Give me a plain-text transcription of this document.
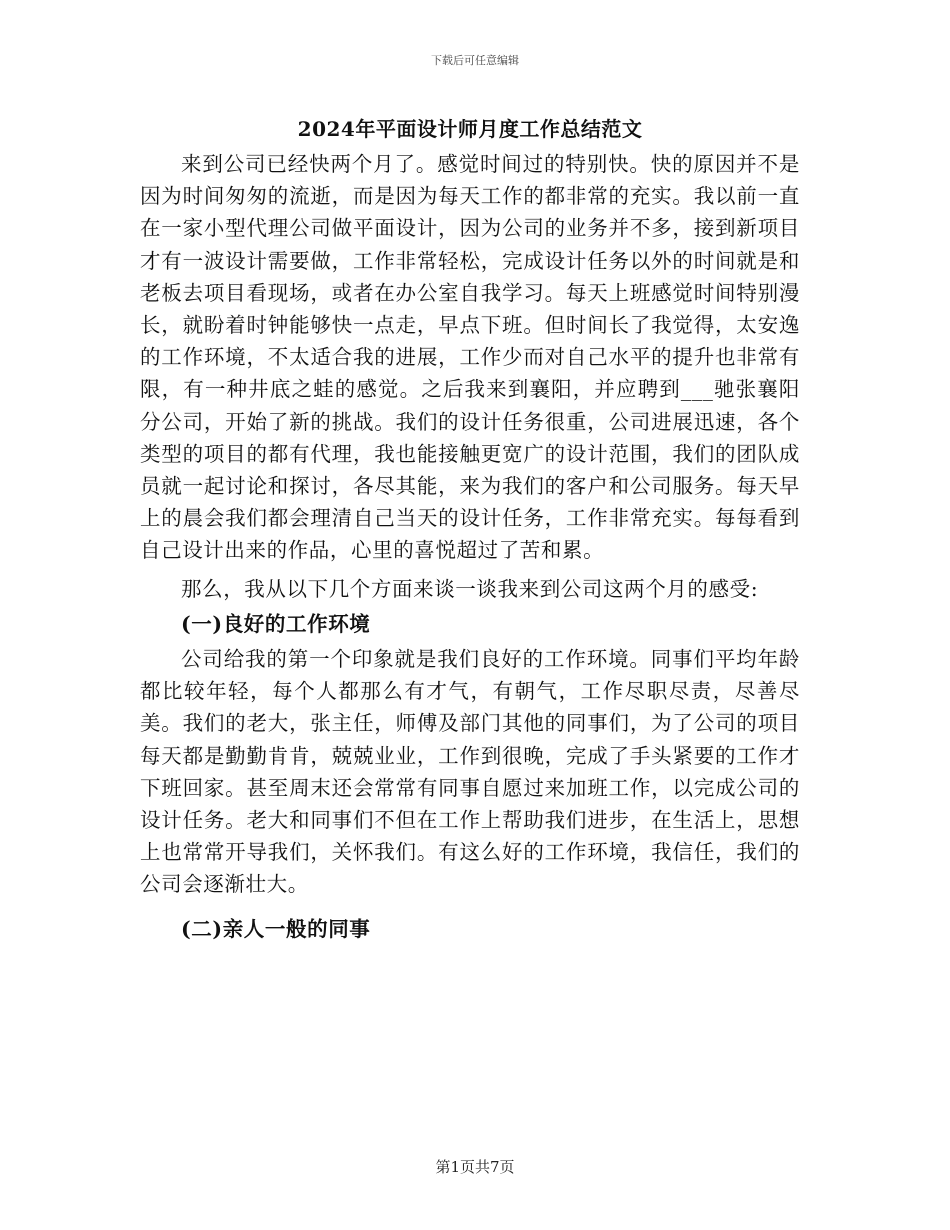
下载后可任意编辑
2024年平面设计师月度工作总结范文

来到公司已经快两个月了。感觉时间过的特别快。快的原因并不是因为时间匆匆的流逝，而是因为每天工作的都非常的充实。我以前一直在一家小型代理公司做平面设计，因为公司的业务并不多，接到新项目才有一波设计需要做，工作非常轻松，完成设计任务以外的时间就是和老板去项目看现场，或者在办公室自我学习。每天上班感觉时间特别漫长，就盼着时钟能够快一点走，早点下班。但时间长了我觉得，太安逸的工作环境，不太适合我的进展，工作少而对自己水平的提升也非常有限，有一种井底之蛙的感觉。之后我来到襄阳，并应聘到___驰张襄阳分公司，开始了新的挑战。我们的设计任务很重，公司进展迅速，各个类型的项目的都有代理，我也能接触更宽广的设计范围，我们的团队成员就一起讨论和探讨，各尽其能，来为我们的客户和公司服务。每天早上的晨会我们都会理清自己当天的设计任务，工作非常充实。每每看到自己设计出来的作品，心里的喜悦超过了苦和累。

那么，我从以下几个方面来谈一谈我来到公司这两个月的感受:

(一)良好的工作环境

公司给我的第一个印象就是我们良好的工作环境。同事们平均年龄都比较年轻，每个人都那么有才气，有朝气，工作尽职尽责，尽善尽美。我们的老大，张主任，师傅及部门其他的同事们，为了公司的项目每天都是勤勤肯肯，兢兢业业，工作到很晚，完成了手头紧要的工作才下班回家。甚至周末还会常常有同事自愿过来加班工作，以完成公司的设计任务。老大和同事们不但在工作上帮助我们进步，在生活上，思想上也常常开导我们，关怀我们。有这么好的工作环境，我信任，我们的公司会逐渐壮大。

(二)亲人一般的同事
第1页共7页
